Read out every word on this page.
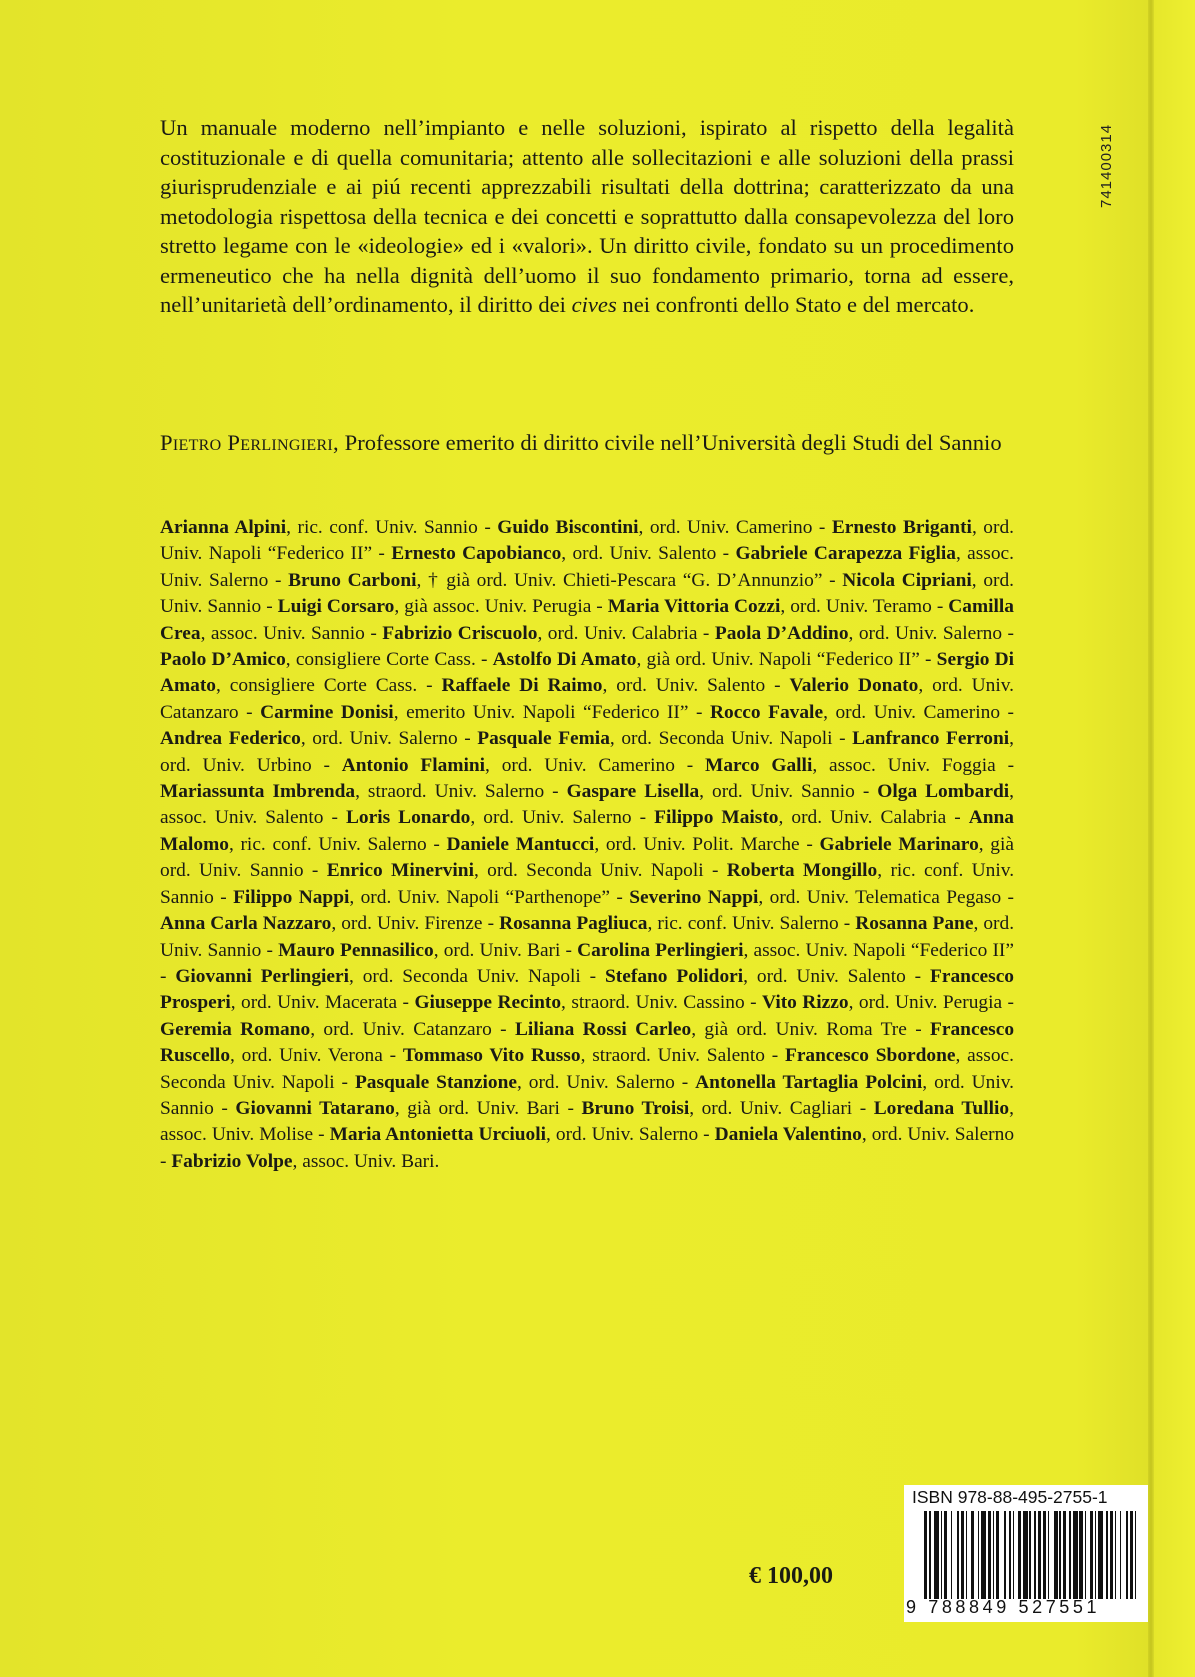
741400314

Un manuale moderno nell’impianto e nelle soluzioni, ispirato al rispetto della legalità costituzionale e di quella comunitaria; attento alle sollecitazioni e alle soluzioni della prassi giurisprudenziale e ai piú recenti apprezzabili risultati della dottrina; caratterizzato da una metodologia rispettosa della tecnica e dei concetti e soprattutto dalla consapevolezza del loro stretto legame con le «ideologie» ed i «valori». Un diritto civile, fondato su un procedimento ermeneutico che ha nella dignità dell’uomo il suo fondamento primario, torna ad essere, nell’unitarietà dell’ordinamento, il diritto dei cives nei confronti dello Stato e del mercato.

Pietro Perlingieri, Professore emerito di diritto civile nell’Università degli Studi del Sannio

Arianna Alpini, ric. conf. Univ. Sannio - Guido Biscontini, ord. Univ. Camerino - Ernesto Briganti, ord. Univ. Napoli “Federico II” - Ernesto Capobianco, ord. Univ. Salento - Gabriele Carapezza Figlia, assoc. Univ. Salerno - Bruno Carboni, † già ord. Univ. Chieti-Pescara “G. D’Annunzio” - Nicola Cipriani, ord. Univ. Sannio - Luigi Corsaro, già assoc. Univ. Perugia - Maria Vittoria Cozzi, ord. Univ. Teramo - Camilla Crea, assoc. Univ. Sannio - Fabrizio Criscuolo, ord. Univ. Calabria - Paola D’Addino, ord. Univ. Salerno - Paolo D’Amico, consigliere Corte Cass. - Astolfo Di Amato, già ord. Univ. Napoli “Federico II” - Sergio Di Amato, consigliere Corte Cass. - Raffaele Di Raimo, ord. Univ. Salento - Valerio Donato, ord. Univ. Catanzaro - Carmine Donisi, emerito Univ. Napoli “Federico II” - Rocco Favale, ord. Univ. Camerino - Andrea Federico, ord. Univ. Salerno - Pasquale Femia, ord. Seconda Univ. Napoli - Lanfranco Ferroni, ord. Univ. Urbino - Antonio Flamini, ord. Univ. Camerino - Marco Galli, assoc. Univ. Foggia - Mariassunta Imbrenda, straord. Univ. Salerno - Gaspare Lisella, ord. Univ. Sannio - Olga Lombardi, assoc. Univ. Salento - Loris Lonardo, ord. Univ. Salerno - Filippo Maisto, ord. Univ. Calabria - Anna Malomo, ric. conf. Univ. Salerno - Daniele Mantucci, ord. Univ. Polit. Marche - Gabriele Marinaro, già ord. Univ. Sannio - Enrico Minervini, ord. Seconda Univ. Napoli - Roberta Mongillo, ric. conf. Univ. Sannio - Filippo Nappi, ord. Univ. Napoli “Parthenope” - Severino Nappi, ord. Univ. Telematica Pegaso - Anna Carla Nazzaro, ord. Univ. Firenze - Rosanna Pagliuca, ric. conf. Univ. Salerno - Rosanna Pane, ord. Univ. Sannio - Mauro Pennasilico, ord. Univ. Bari - Carolina Perlingieri, assoc. Univ. Napoli “Federico II” - Giovanni Perlingieri, ord. Seconda Univ. Napoli - Stefano Polidori, ord. Univ. Salento - Francesco Prosperi, ord. Univ. Macerata - Giuseppe Recinto, straord. Univ. Cassino - Vito Rizzo, ord. Univ. Perugia - Geremia Romano, ord. Univ. Catanzaro - Liliana Rossi Carleo, già ord. Univ. Roma Tre - Francesco Ruscello, ord. Univ. Verona - Tommaso Vito Russo, straord. Univ. Salento - Francesco Sbordone, assoc. Seconda Univ. Napoli - Pasquale Stanzione, ord. Univ. Salerno - Antonella Tartaglia Polcini, ord. Univ. Sannio - Giovanni Tatarano, già ord. Univ. Bari - Bruno Troisi, ord. Univ. Cagliari - Loredana Tullio, assoc. Univ. Molise - Maria Antonietta Urciuoli, ord. Univ. Salerno - Daniela Valentino, ord. Univ. Salerno - Fabrizio Volpe, assoc. Univ. Bari.

ISBN 978-88-495-2755-1
9 788849 527551
€ 100,00
